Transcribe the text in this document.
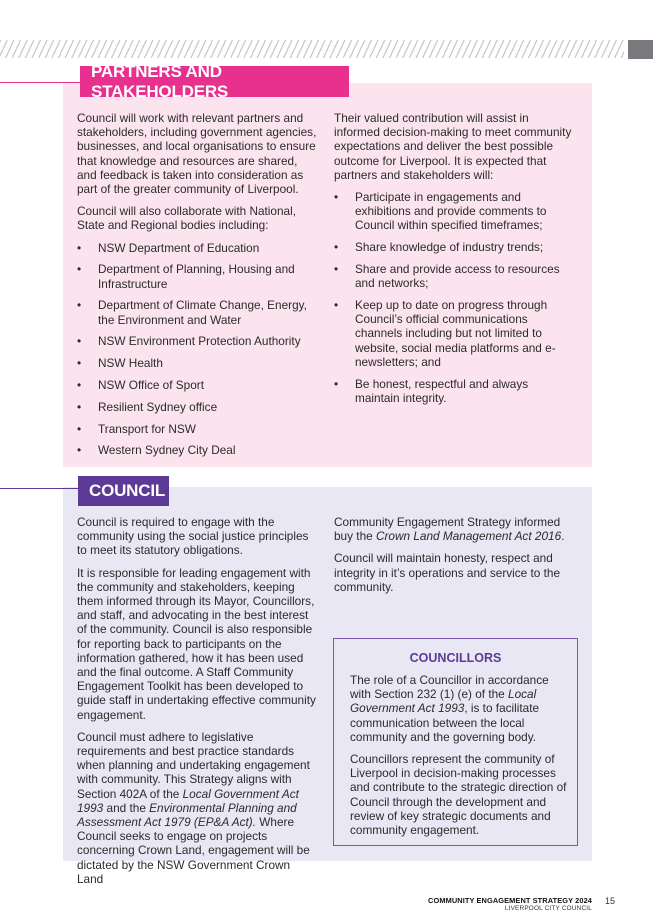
PARTNERS AND STAKEHOLDERS

Council will work with relevant partners and stakeholders, including government agencies, businesses, and local organisations to ensure that knowledge and resources are shared, and feedback is taken into consideration as part of the greater community of Liverpool.

Council will also collaborate with National, State and Regional bodies including:

• NSW Department of Education
• Department of Planning, Housing and Infrastructure
• Department of Climate Change, Energy, the Environment and Water
• NSW Environment Protection Authority
• NSW Health
• NSW Office of Sport
• Resilient Sydney office
• Transport for NSW
• Western Sydney City Deal

Their valued contribution will assist in informed decision-making to meet community expectations and deliver the best possible outcome for Liverpool. It is expected that partners and stakeholders will:

• Participate in engagements and exhibitions and provide comments to Council within specified timeframes;
• Share knowledge of industry trends;
• Share and provide access to resources and networks;
• Keep up to date on progress through Council’s official communications channels including but not limited to website, social media platforms and e-newsletters; and
• Be honest, respectful and always maintain integrity.
COUNCIL

Council is required to engage with the community using the social justice principles to meet its statutory obligations.

It is responsible for leading engagement with the community and stakeholders, keeping them informed through its Mayor, Councillors, and staff, and advocating in the best interest of the community. Council is also responsible for reporting back to participants on the information gathered, how it has been used and the final outcome. A Staff Community Engagement Toolkit has been developed to guide staff in undertaking effective community engagement.

Council must adhere to legislative requirements and best practice standards when planning and undertaking engagement with community. This Strategy aligns with Section 402A of the Local Government Act 1993 and the Environmental Planning and Assessment Act 1979 (EP&A Act). Where Council seeks to engage on projects concerning Crown Land, engagement will be dictated by the NSW Government Crown Land

Community Engagement Strategy informed buy the Crown Land Management Act 2016.

Council will maintain honesty, respect and integrity in it’s operations and service to the community.

COUNCILLORS

The role of a Councillor in accordance with Section 232 (1) (e) of the Local Government Act 1993, is to facilitate communication between the local community and the governing body.

Councillors represent the community of Liverpool in decision-making processes and contribute to the strategic direction of Council through the development and review of key strategic documents and community engagement.

COMMUNITY ENGAGEMENT STRATEGY 2024
LIVERPOOL CITY COUNCIL
15
